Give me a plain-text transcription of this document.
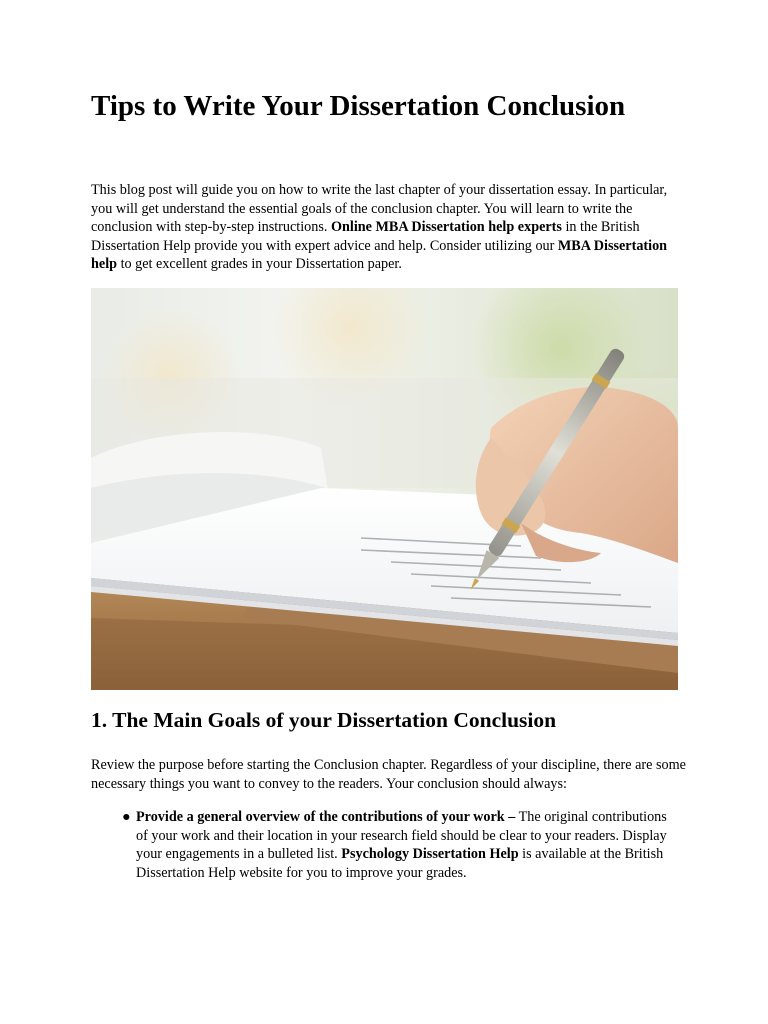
Tips to Write Your Dissertation Conclusion

This blog post will guide you on how to write the last chapter of your dissertation essay. In particular, you will get understand the essential goals of the conclusion chapter. You will learn to write the conclusion with step-by-step instructions. Online MBA Dissertation help experts in the British Dissertation Help provide you with expert advice and help. Consider utilizing our MBA Dissertation help to get excellent grades in your Dissertation paper.

1. The Main Goals of your Dissertation Conclusion

Review the purpose before starting the Conclusion chapter. Regardless of your discipline, there are some necessary things you want to convey to the readers. Your conclusion should always:

● Provide a general overview of the contributions of your work – The original contributions of your work and their location in your research field should be clear to your readers. Display your engagements in a bulleted list. Psychology Dissertation Help is available at the British Dissertation Help website for you to improve your grades.
